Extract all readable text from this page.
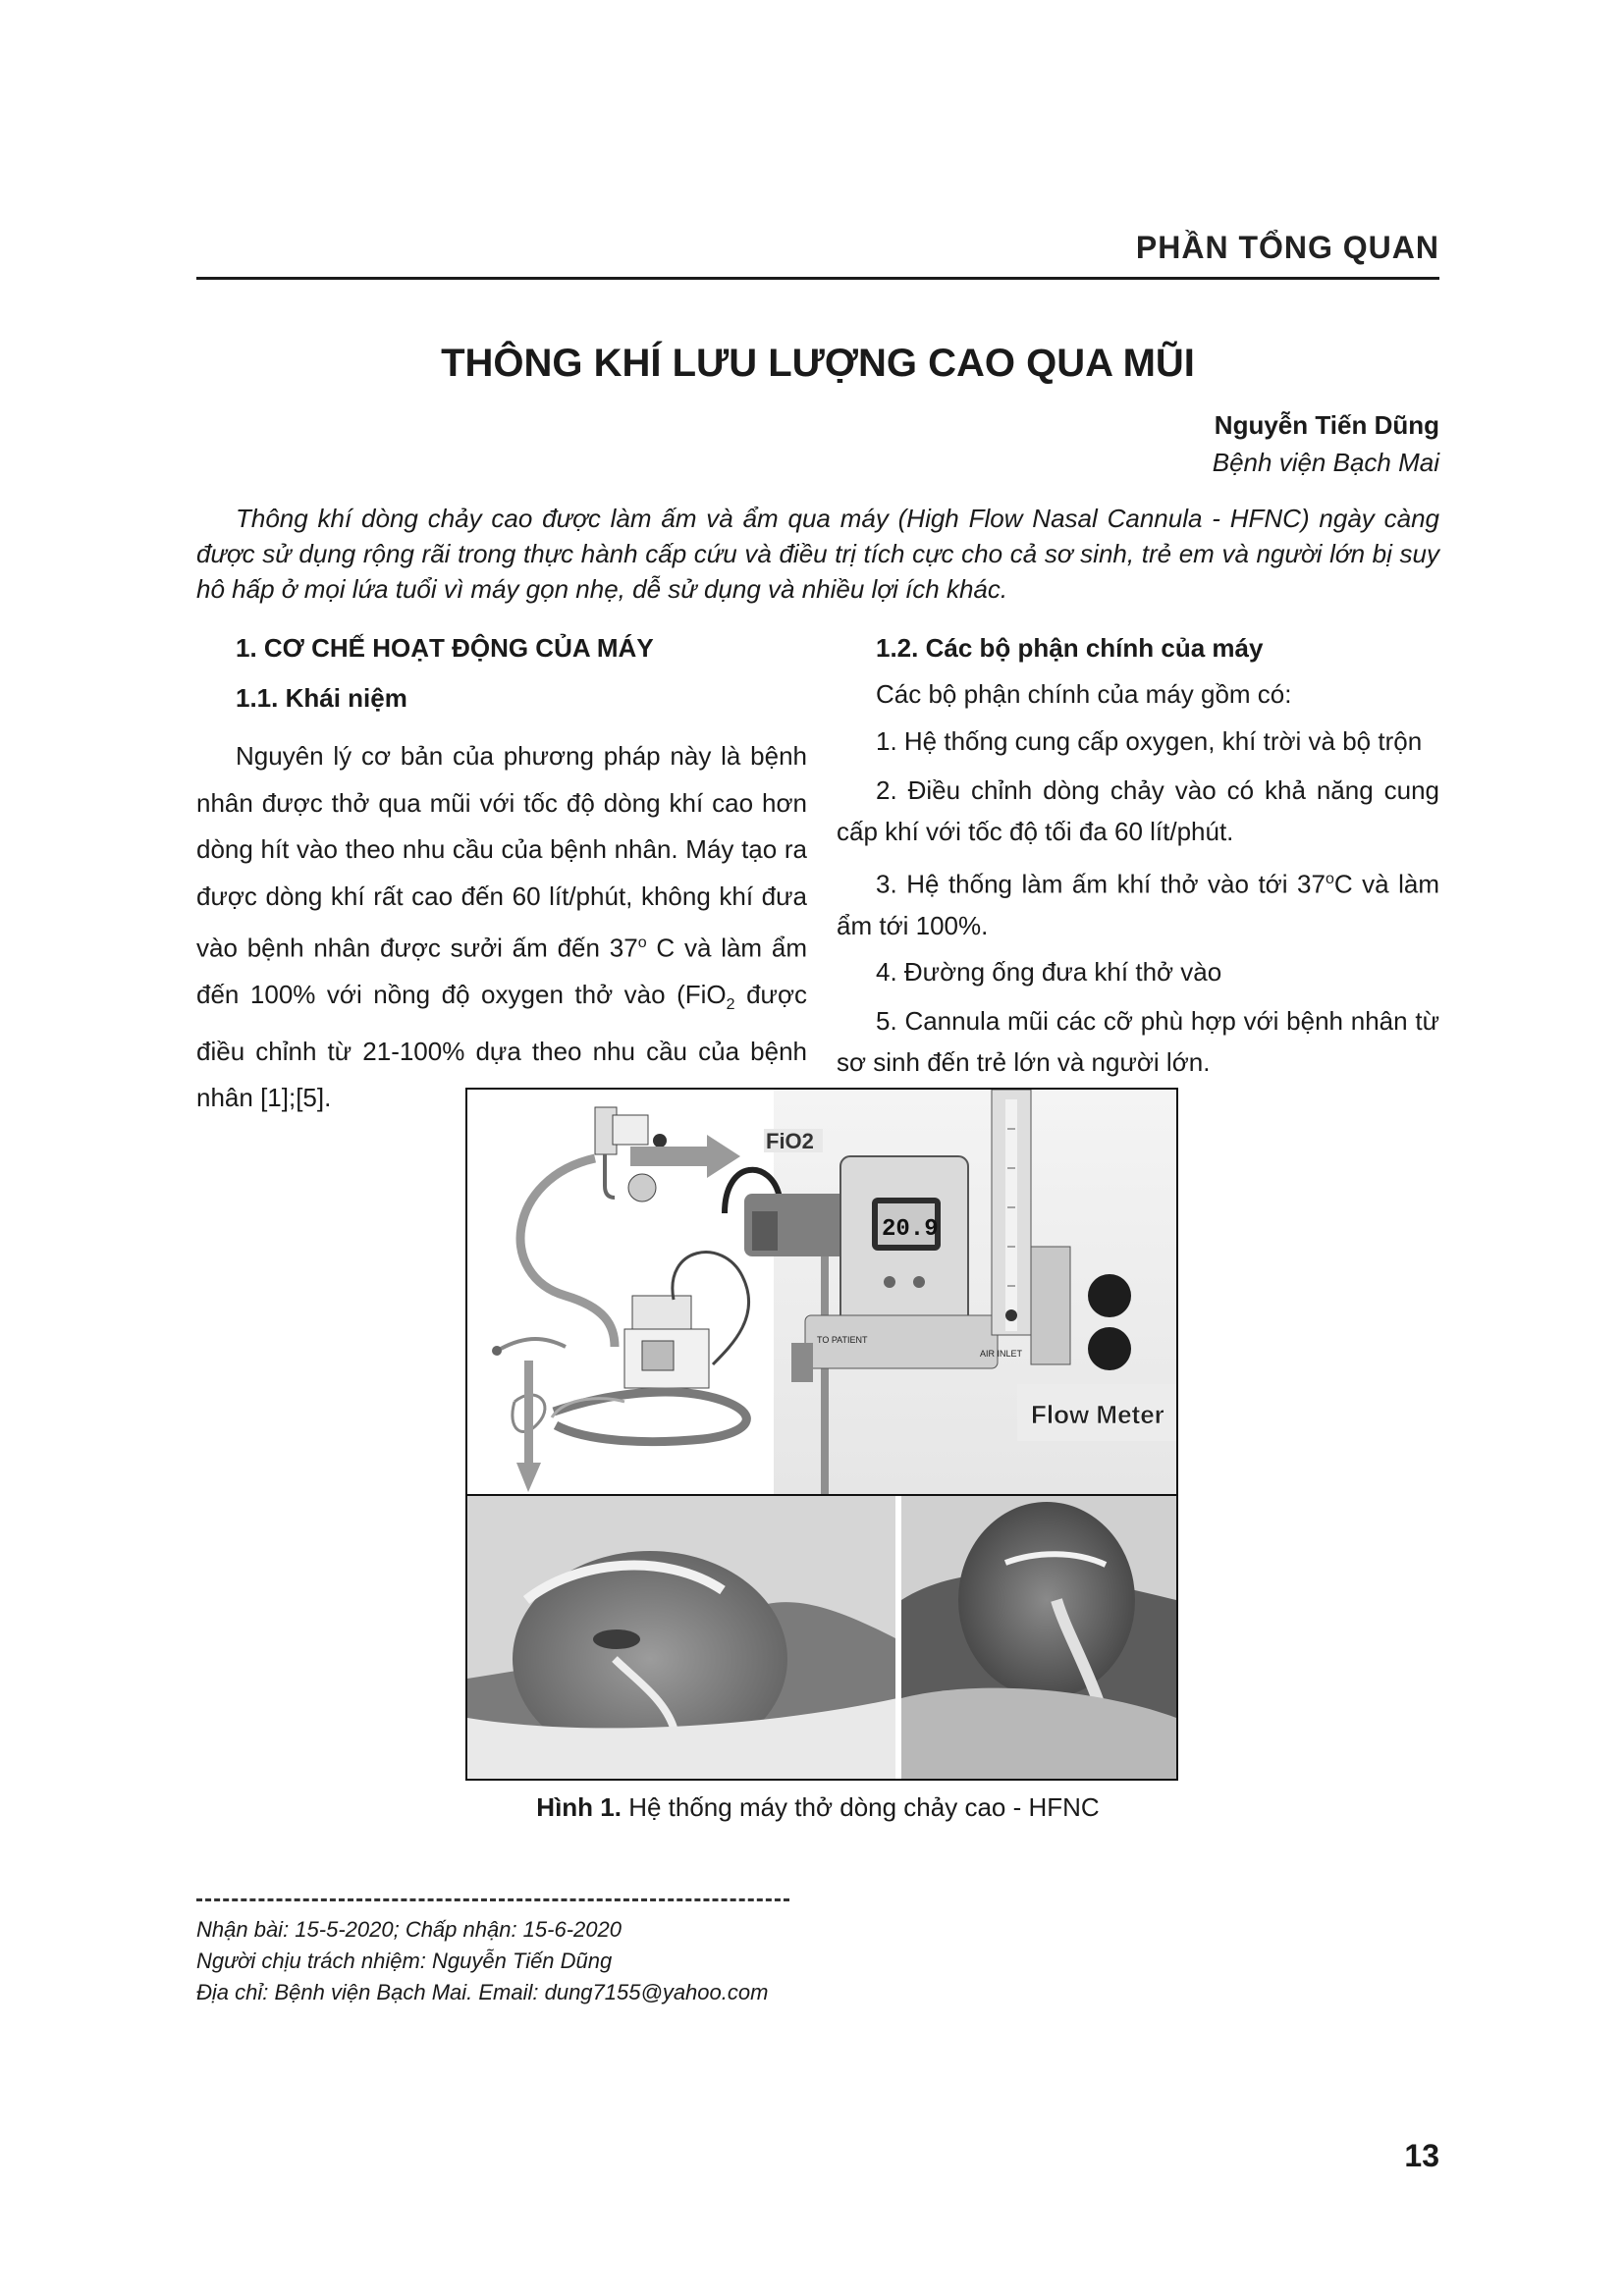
PHẦN TỔNG QUAN
THÔNG KHÍ LƯU LƯỢNG CAO QUA MŨI
Nguyễn Tiến Dũng
Bệnh viện Bạch Mai

Thông khí dòng chảy cao được làm ấm và ẩm qua máy (High Flow Nasal Cannula - HFNC) ngày càng được sử dụng rộng rãi trong thực hành cấp cứu và điều trị tích cực cho cả sơ sinh, trẻ em và người lớn bị suy hô hấp ở mọi lứa tuổi vì máy gọn nhẹ, dễ sử dụng và nhiều lợi ích khác.

1. CƠ CHẾ HOẠT ĐỘNG CỦA MÁY
1.1. Khái niệm

Nguyên lý cơ bản của phương pháp này là bệnh nhân được thở qua mũi với tốc độ dòng khí cao hơn dòng hít vào theo nhu cầu của bệnh nhân. Máy tạo ra được dòng khí rất cao đến 60 lít/phút, không khí đưa vào bệnh nhân được sưởi ấm đến 37$^o$ C và làm ẩm đến 100% với nồng độ oxygen thở vào (FiO$_2$ được điều chỉnh từ 21-100% dựa theo nhu cầu của bệnh nhân [1];[5].

1.2. Các bộ phận chính của máy

Các bộ phận chính của máy gồm có:

1. Hệ thống cung cấp oxygen, khí trời và bộ trộn

2. Điều chỉnh dòng chảy vào có khả năng cung cấp khí với tốc độ tối đa 60 lít/phút.

3. Hệ thống làm ấm khí thở vào tới 37$^o$C và làm ẩm tới 100%.

4. Đường ống đưa khí thở vào

5. Cannula mũi các cỡ phù hợp với bệnh nhân từ sơ sinh đến trẻ lớn và người lớn.

FiO2
20.9
TO PATIENT
AIR INLET
Flow Meter
Hình 1. Hệ thống máy thở dòng chảy cao - HFNC
Nhận bài: 15-5-2020; Chấp nhận: 15-6-2020
Người chịu trách nhiệm: Nguyễn Tiến Dũng
Địa chỉ: Bệnh viện Bạch Mai. Email: dung7155@yahoo.com
13
